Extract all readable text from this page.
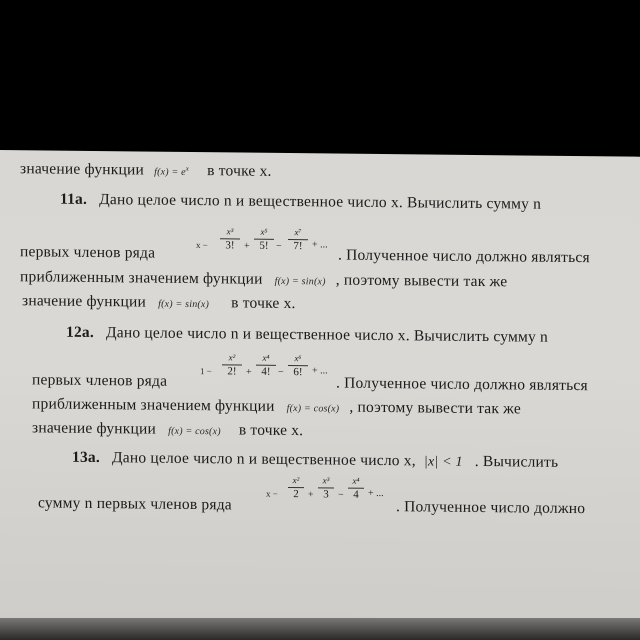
значение функции $f(x) = e^x$ в точке x.
11a. Дано целое число n и вещественное число x. Вычислить сумму n
x −
x³
3! +
x⁵
5! −
x⁷
7! + ...
первых членов ряда	. Полученное число должно являться
приближенным значением функции f(x) = sin(x) , поэтому вывести так же
значение функции f(x) = sin(x) в точке x.
12a. Дано целое число n и вещественное число x. Вычислить сумму n
1 −
x²
2! +
x⁴
4! −
x⁶
6! + ...
первых членов ряда	. Полученное число должно являться
приближенным значением функции f(x) = cos(x) , поэтому вывести так же
значение функции f(x) = cos(x) в точке x.
13a. Дано целое число n и вещественное число x, |x| < 1 . Вычислить
x −
x²
2 +
x³
3 −
x⁴
4 + ...
сумму n первых членов ряда	. Полученное число должно
